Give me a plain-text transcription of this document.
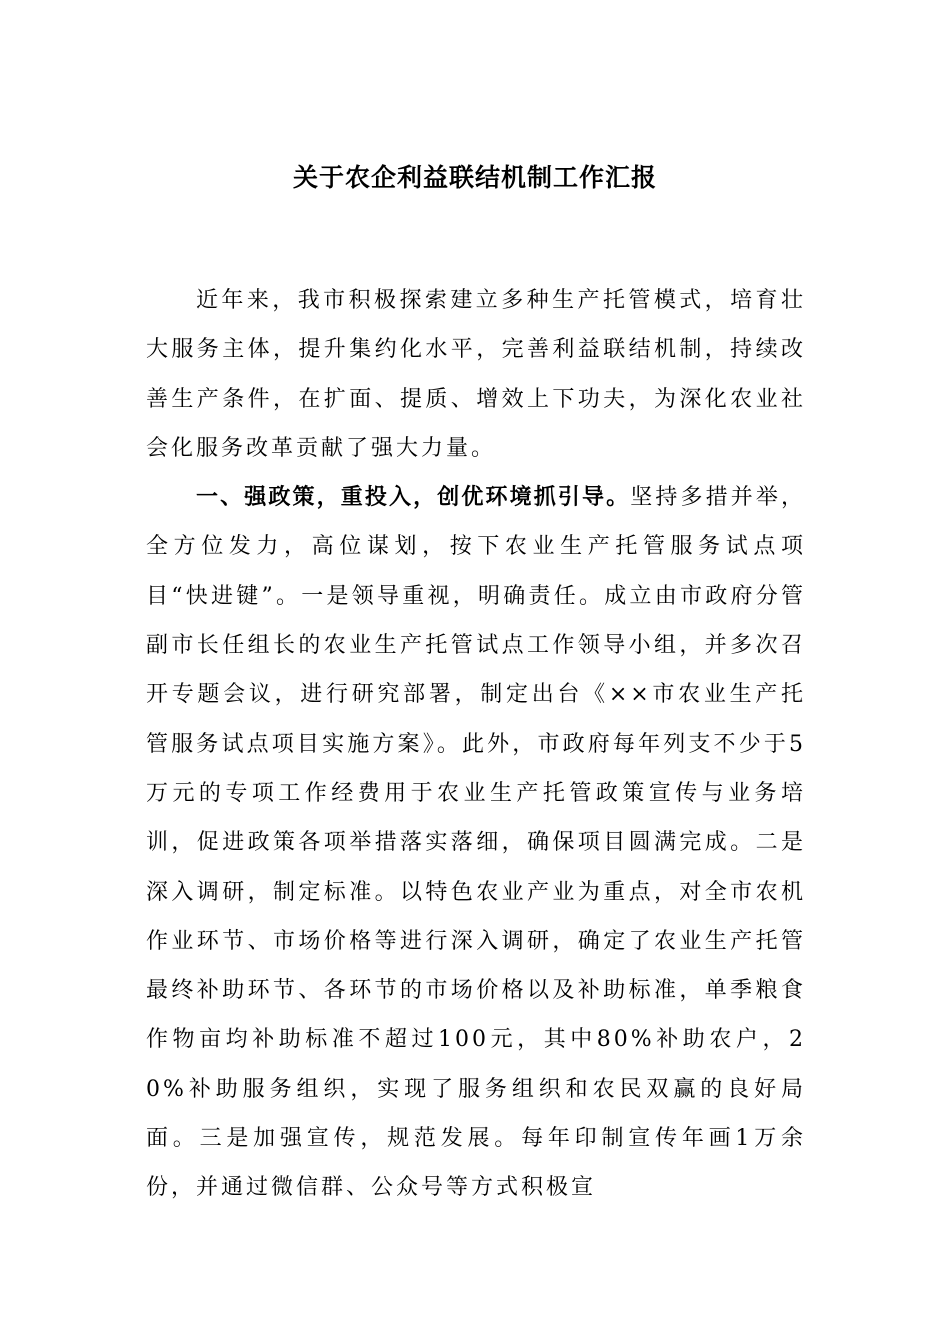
关于农企利益联结机制工作汇报

近年来，我市积极探索建立多种生产托管模式，培育壮大服务主体，提升集约化水平，完善利益联结机制，持续改善生产条件，在扩面、提质、增效上下功夫，为深化农业社会化服务改革贡献了强大力量。

一、强政策，重投入，创优环境抓引导。坚持多措并举，全方位发力，高位谋划，按下农业生产托管服务试点项目“快进键”。一是领导重视，明确责任。成立由市政府分管副市长任组长的农业生产托管试点工作领导小组，并多次召开专题会议，进行研究部署，制定出台《××市农业生产托管服务试点项目实施方案》。此外，市政府每年列支不少于5万元的专项工作经费用于农业生产托管政策宣传与业务培训，促进政策各项举措落实落细，确保项目圆满完成。二是深入调研，制定标准。以特色农业产业为重点，对全市农机作业环节、市场价格等进行深入调研，确定了农业生产托管最终补助环节、各环节的市场价格以及补助标准，单季粮食作物亩均补助标准不超过100元，其中80%补助农户，20%补助服务组织，实现了服务组织和农民双赢的良好局面。三是加强宣传，规范发展。每年印制宣传年画1万余份，并通过微信群、公众号等方式积极宣
